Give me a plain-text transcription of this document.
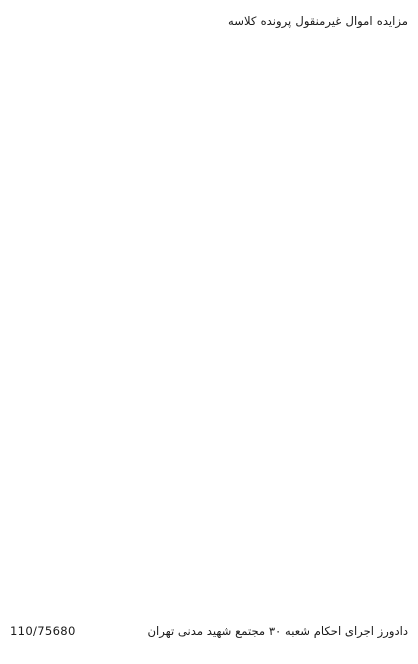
مزایده اموال غیرمنقول پرونده کلاسه

دادورز اجرای احکام شعبه ۳۰ مجتمع شهید مدنی تهران
110/75680
